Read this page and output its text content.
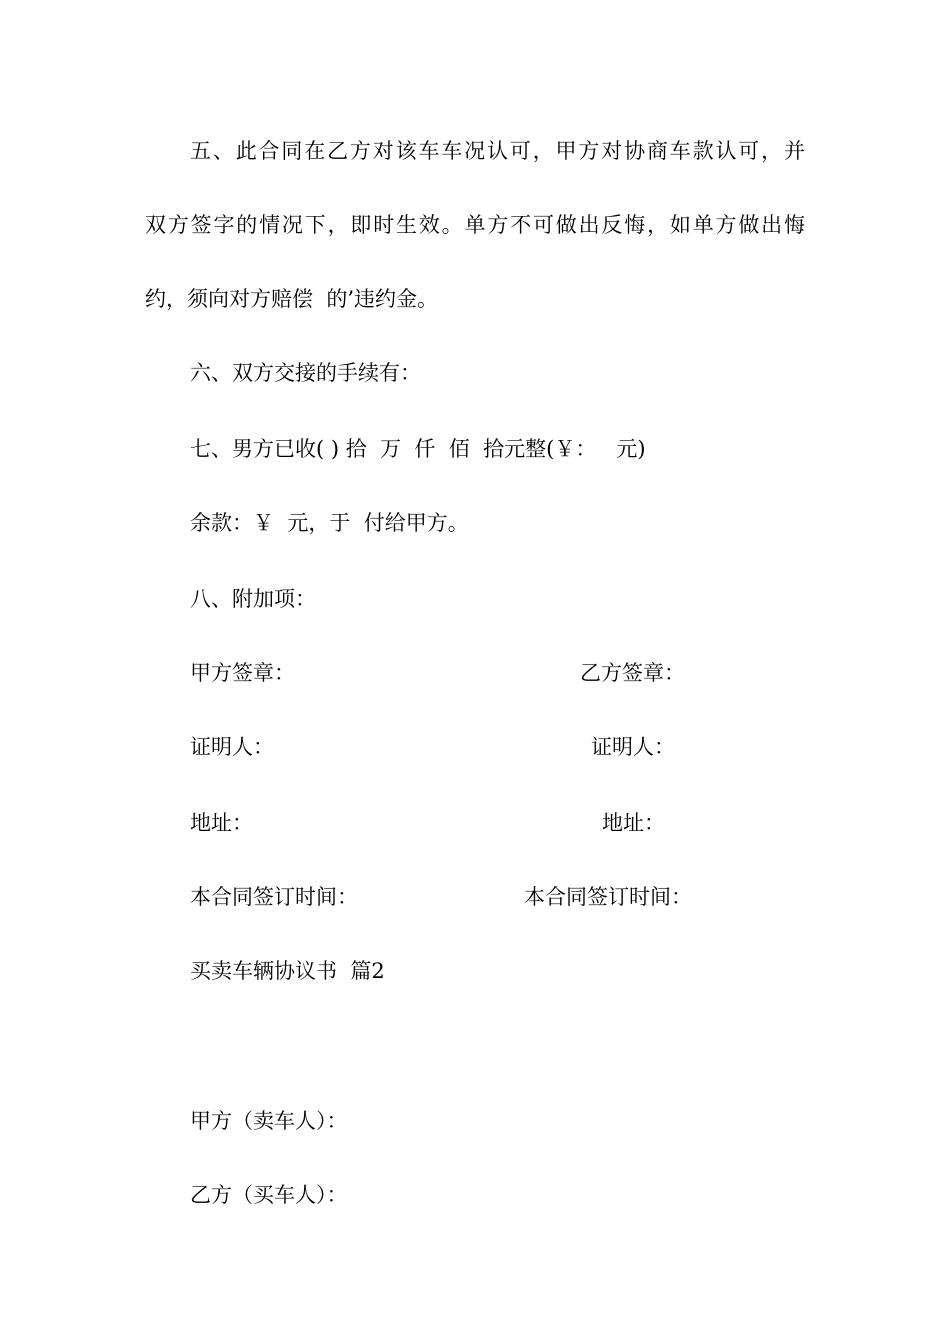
五、此合同在乙方对该车车况认可，甲方对协商车款认可，并
双方签字的情况下，即时生效。单方不可做出反悔，如单方做出悔
约，须向对方赔偿  的’违约金。
六、双方交接的手续有：
七、男方已收( ) 拾  万  仟  佰  拾元整(￥：   元)
余款：￥  元，于  付给甲方。
八、附加项：
甲方签章：	乙方签章：
证明人：	证明人：
地址：	地址：
本合同签订时间：	本合同签订时间：
买卖车辆协议书  篇2
甲方（卖车人）：
乙方（买车人）：
